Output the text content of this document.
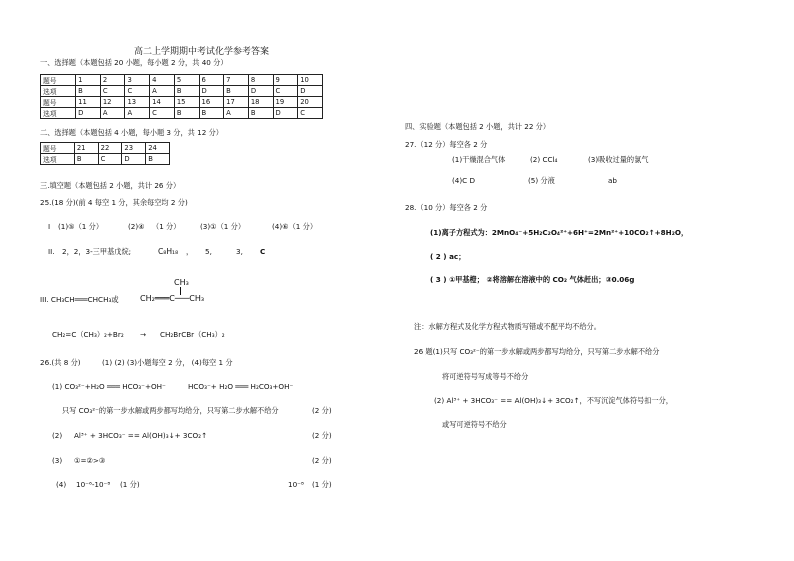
高二上学期期中考试化学参考答案
一、选择题（本题包括 20 小题，每小题 2 分，共 40 分）
题号	1	2	3	4	5	6	7	8	9	10
选项	B	C	C	A	B	D	B	D	C	D
题号	11	12	13	14	15	16	17	18	19	20
选项	D	A	A	C	B	B	A	B	D	C
二、选择题（本题包括 4 小题，每小题 3 分，共 12 分）
题号	21	22	23	24
选项	B	C	D	B
三.填空题（本题包括 2 小题，共计 26 分）
25.(18 分)(前 4 每空 1 分，其余每空均 2 分)
I (1)⑤（1 分）	(2)④ （1 分）	(3)①（1 分）	(4)⑥（1 分）
II. 2，2，3-三甲基戊烷;	C₈H₁₈ ， 5,	3, C
III. CH₃CH═══CHCH₃或
CH₃
CH₂═══C───CH₃
CH₂=C（CH₃）₂+Br₂ → CH₂BrCBr（CH₃）₂
26.(共 8 分)	(1) (2) (3)小题每空 2 分， (4)每空 1 分
(1) CO₃²⁻+H₂O ═══ HCO₃⁻+OH⁻	HCO₃⁻+ H₂O ═══ H₂CO₃+OH⁻
只写 CO₃²⁻的第一步水解或两步都写均给分，只写第二步水解不给分	(2 分)
(2) Al³⁺ + 3HCO₃⁻ == Al(OH)₃↓+ 3CO₂↑	(2 分)
(3) ①=②>③	(2 分)
(4) 10⁻⁶-10⁻⁸ (1 分)	10⁻⁸ (1 分)
四、实验题（本题包括 2 小题，共计 22 分）
27.（12 分）每空各 2 分
(1)干燥混合气体	(2) CCl₄	(3)吸收过量的氯气
(4)C D	(5) 分液	ab
28.（10 分）每空各 2 分
(1)离子方程式为：2MnO₄⁻+5H₂C₂O₄²⁺+6H⁺=2Mn²⁺+10CO₂↑+8H₂O，
( 2 ) ac；
( 3 ) ①甲基橙； ②将溶解在溶液中的 CO₂ 气体赶出；③0.06g
注：水解方程式及化学方程式物质写错或不配平均不给分。
26 题(1)只写 CO₃²⁻的第一步水解或两步都写均给分，只写第二步水解不给分
将可逆符号写成等号不给分
(2) Al³⁺ + 3HCO₃⁻ == Al(OH)₃↓+ 3CO₂↑，不写沉淀气体符号扣一分，
或写可逆符号不给分
